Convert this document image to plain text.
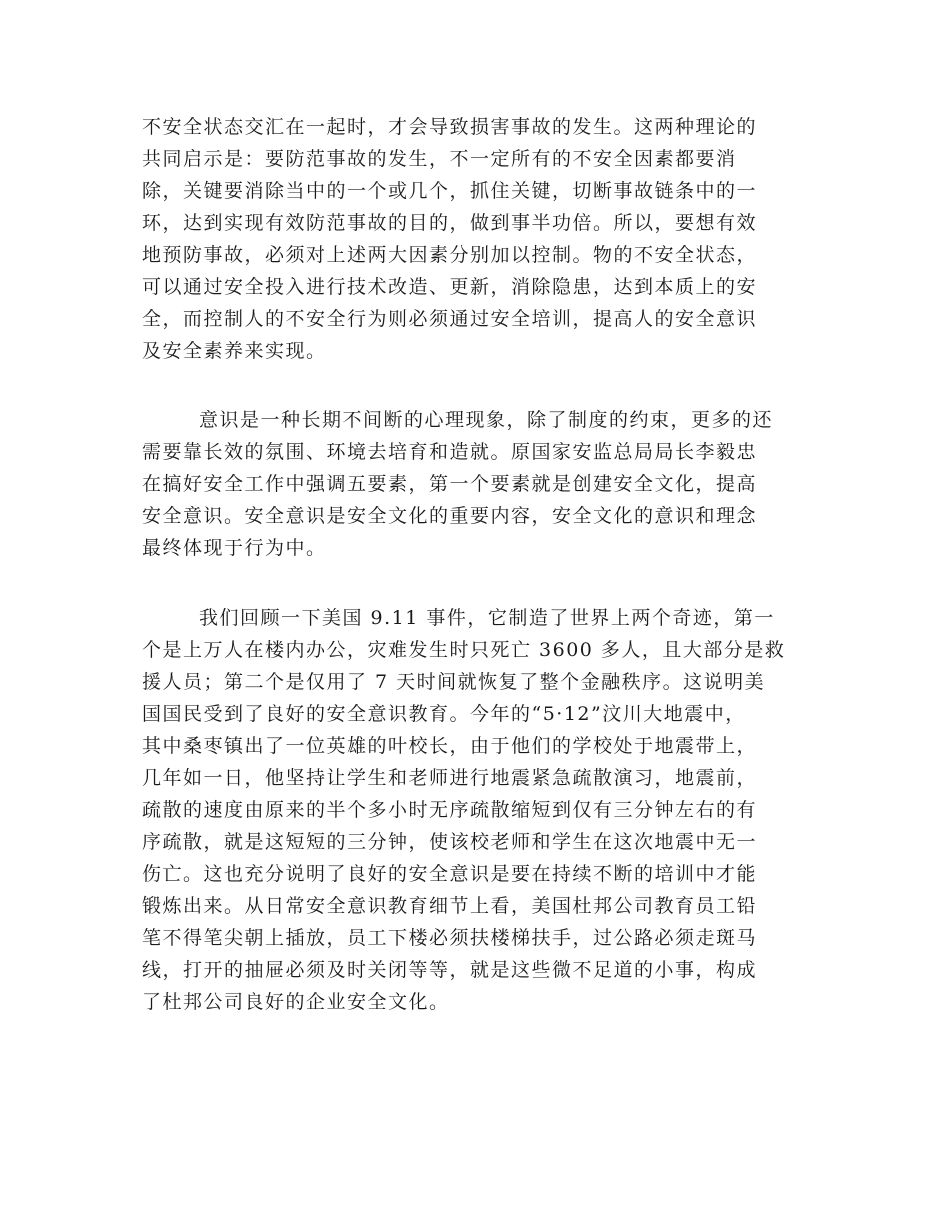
不安全状态交汇在一起时，才会导致损害事故的发生。这两种理论的
共同启示是：要防范事故的发生，不一定所有的不安全因素都要消
除，关键要消除当中的一个或几个，抓住关键，切断事故链条中的一
环，达到实现有效防范事故的目的，做到事半功倍。所以，要想有效
地预防事故，必须对上述两大因素分别加以控制。物的不安全状态，
可以通过安全投入进行技术改造、更新，消除隐患，达到本质上的安
全，而控制人的不安全行为则必须通过安全培训，提高人的安全意识
及安全素养来实现。
意识是一种长期不间断的心理现象，除了制度的约束，更多的还
需要靠长效的氛围、环境去培育和造就。原国家安监总局局长李毅忠
在搞好安全工作中强调五要素，第一个要素就是创建安全文化，提高
安全意识。安全意识是安全文化的重要内容，安全文化的意识和理念
最终体现于行为中。
我们回顾一下美国 9.11 事件，它制造了世界上两个奇迹，第一
个是上万人在楼内办公，灾难发生时只死亡 3600 多人，且大部分是救
援人员；第二个是仅用了 7 天时间就恢复了整个金融秩序。这说明美
国国民受到了良好的安全意识教育。今年的“5·12”汶川大地震中，
其中桑枣镇出了一位英雄的叶校长，由于他们的学校处于地震带上，
几年如一日，他坚持让学生和老师进行地震紧急疏散演习，地震前，
疏散的速度由原来的半个多小时无序疏散缩短到仅有三分钟左右的有
序疏散，就是这短短的三分钟，使该校老师和学生在这次地震中无一
伤亡。这也充分说明了良好的安全意识是要在持续不断的培训中才能
锻炼出来。从日常安全意识教育细节上看，美国杜邦公司教育员工铅
笔不得笔尖朝上插放，员工下楼必须扶楼梯扶手，过公路必须走斑马
线，打开的抽屉必须及时关闭等等，就是这些微不足道的小事，构成
了杜邦公司良好的企业安全文化。
